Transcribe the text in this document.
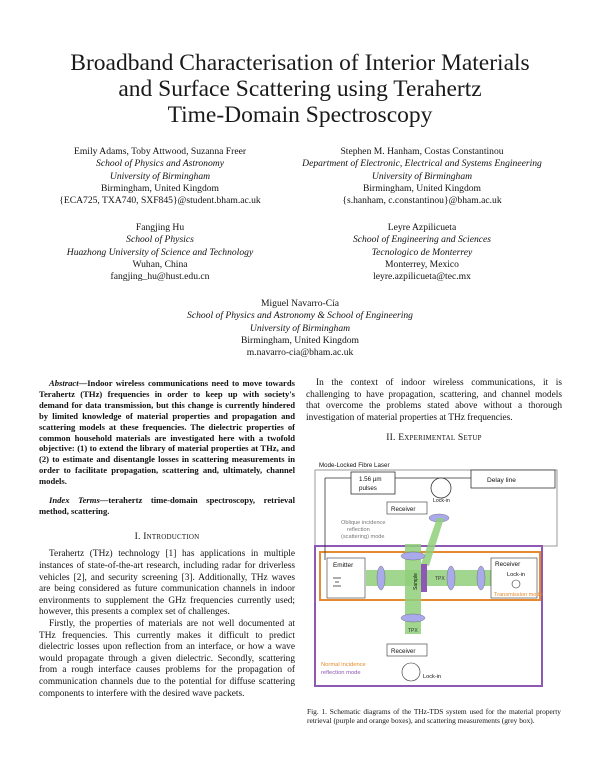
Broadband Characterisation of Interior Materials
and Surface Scattering using Terahertz
Time-Domain Spectroscopy
Emily Adams, Toby Attwood, Suzanna Freer
School of Physics and Astronomy
University of Birmingham
Birmingham, United Kingdom
{ECA725, TXA740, SXF845}@student.bham.ac.uk
Stephen M. Hanham, Costas Constantinou
Department of Electronic, Electrical and Systems Engineering
University of Birmingham
Birmingham, United Kingdom
{s.hanham, c.constantinou}@bham.ac.uk
Fangjing Hu
School of Physics
Huazhong University of Science and Technology
Wuhan, China
fangjing_hu@hust.edu.cn
Leyre Azpilicueta
School of Engineering and Sciences
Tecnologico de Monterrey
Monterrey, Mexico
leyre.azpilicueta@tec.mx
Miguel Navarro-Cía
School of Physics and Astronomy & School of Engineering
University of Birmingham
Birmingham, United Kingdom
m.navarro-cia@bham.ac.uk

Abstract—Indoor wireless communications need to move towards Terahertz (THz) frequencies in order to keep up with society's demand for data transmission, but this change is currently hindered by limited knowledge of material properties and propagation and scattering models at these frequencies. The dielectric properties of common household materials are investigated here with a twofold objective: (1) to extend the library of material properties at THz, and (2) to estimate and disentangle losses in scattering measurements in order to facilitate propagation, scattering and, ultimately, channel models.

Index Terms—terahertz time-domain spectroscopy, retrieval method, scattering.

I. Introduction

Terahertz (THz) technology [1] has applications in multiple instances of state-of-the-art research, including radar for driverless vehicles [2], and security screening [3]. Additionally, THz waves are being considered as future communication channels in indoor environments to supplement the GHz frequencies currently used; however, this presents a complex set of challenges.

Firstly, the properties of materials are not well documented at THz frequencies. This currently makes it difficult to predict dielectric losses upon reflection from an interface, or how a wave would propagate through a given dielectric. Secondly, scattering from a rough interface causes problems for the propagation of communication channels due to the potential for diffuse scattering components to interfere with the desired wave packets.

In the context of indoor wireless communications, it is challenging to have propagation, scattering, and channel models that overcome the problems stated above without a thorough investigation of material properties at THz frequencies.

II. Experimental Setup
Mode-Locked Fibre Laser
1.56 µm
pulses
Delay line
Lock-in
Receiver
Oblique incidence
reflection
(scattering) mode
Emitter
Sample	TPX
TPX
Receiver
Lock-in
Transmission mode
Receiver
Lock-in
Normal incidence
reflection mode
Fig. 1. Schematic diagrams of the THz-TDS system used for the material property retrieval (purple and orange boxes), and scattering measurements (grey box).
